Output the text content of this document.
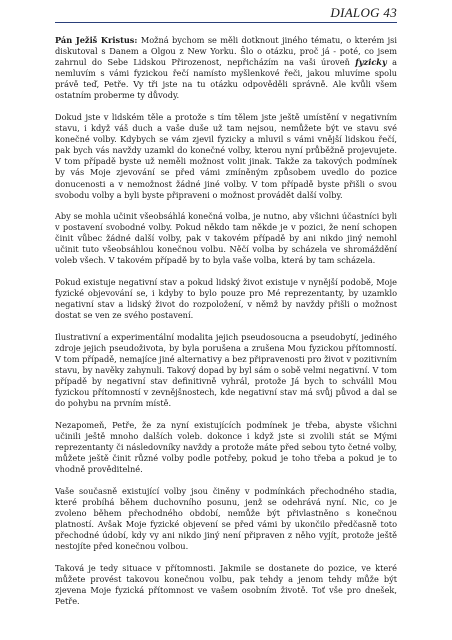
DIALOG 43

Pán Ježiš Kristus: Možná bychom se měli dotknout jiného tématu, o kterém jsi diskutoval s Danem a Olgou z New Yorku. Šlo o otázku, proč já - poté, co jsem zahrnul do Sebe Lidskou Přirozenost, nepřicházím na vaši úroveň fyzicky a nemluvím s vámi fyzickou řečí namísto myšlenkové řeči, jakou mluvíme spolu právě teď, Petře. Vy tři jste na tu otázku odpověděli správně. Ale kvůli všem ostatním proberme ty důvody.

Dokud jste v lidském těle a protože s tím tělem jste ještě umístění v negativním stavu, i když váš duch a vaše duše už tam nejsou, nemůžete být ve stavu své konečné volby. Kdybych se vám zjevil fyzicky a mluvil s vámi vnější lidskou řečí, pak bych vás navždy uzamkl do konečné volby, kterou nyní průběžně projevujete. V tom případě byste už neměli možnost volit jinak. Takže za takových podmínek by vás Moje zjevování se před vámi zmíněným způsobem uvedlo do pozice donucenosti a v nemožnost žádné jiné volby. V tom případě byste přišli o svou svobodu volby a byli byste připraveni o možnost provádět další volby.

Aby se mohla učinit všeobsáhlá konečná volba, je nutno, aby všichni účastníci byli v postavení svobodné volby. Pokud někdo tam někde je v pozici, že není schopen činit vůbec žádné další volby, pak v takovém případě by ani nikdo jiný nemohl učinit tuto všeobsáhlou konečnou volbu. Něčí volba by scházela ve shromáždění voleb všech. V takovém případě by to byla vaše volba, která by tam scházela.

Pokud existuje negativní stav a pokud lidský život existuje v nynější podobě, Moje fyzické objevování se, i kdyby to bylo pouze pro Mé reprezentanty, by uzamklo negativní stav a lidský život do rozpoložení, v němž by navždy přišli o možnost dostat se ven ze svého postavení.

Ilustrativní a experimentální modalita jejich pseudosoucna a pseudobytí, jediného zdroje jejich pseudoživota, by byla porušena a zrušena Mou fyzickou přítomností. V tom případě, nemajíce jiné alternativy a bez připravenosti pro život v pozitivním stavu, by navěky zahynuli. Takový dopad by byl sám o sobě velmi negativní. V tom případě by negativní stav definitivně vyhrál, protože Já bych to schválil Mou fyzickou přítomností v zevnějšnostech, kde negativní stav má svůj původ a dal se do pohybu na prvním místě.

Nezapomeň, Petře, že za nyní existujících podmínek je třeba, abyste všichni učinili ještě mnoho dalších voleb. dokonce i když jste si zvolili stát se Mými reprezentanty či následovníky navždy a protože máte před sebou tyto četné volby, můžete ještě činit různé volby podle potřeby, pokud je toho třeba a pokud je to vhodně prověditelné.

Vaše současně existující volby jsou činěny v podmínkách přechodného stadia, které probíhá během duchovního posunu, jenž se odehrává nyní. Nic, co je zvoleno během přechodného období, nemůže být přivlastněno s konečnou platností. Avšak Moje fyzické objevení se před vámi by ukončilo předčasně toto přechodné údobí, kdy vy ani nikdo jiný není připraven z něho vyjít, protože ještě nestojíte před konečnou volbou.

Taková je tedy situace v přítomnosti. Jakmile se dostanete do pozice, ve které můžete provést takovou konečnou volbu, pak tehdy a jenom tehdy může být zjevena Moje fyzická přítomnost ve vašem osobním životě. Toť vše pro dnešek, Petře.
